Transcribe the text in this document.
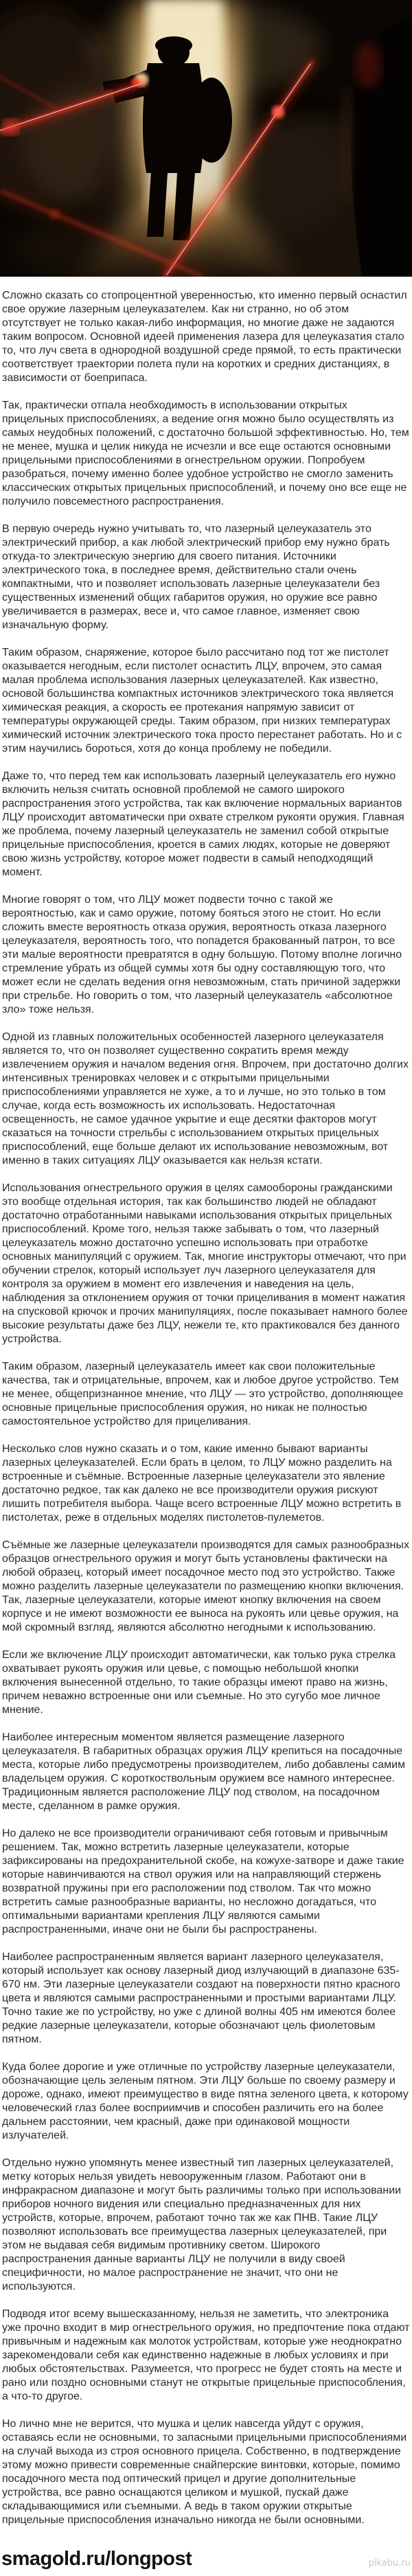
Сложно сказать со стопроцентной уверенностью, кто именно первый оснастил свое оружие лазерным целеуказателем. Как ни странно, но об этом отсутствует не только какая-либо информация, но многие даже не задаются таким вопросом. Основной идеей применения лазера для целеуказатия стало то, что луч света в однородной воздушной среде прямой, то есть практически соответствует траектории полета пули на коротких и средних дистанциях, в зависимости от боеприпаса.

Так, практически отпала необходимость в использовании открытых прицельных приспособлениях, а ведение огня можно было осуществлять из самых неудобных положений, с достаточно большой эффективностью. Но, тем не менее, мушка и целик никуда не исчезли и все еще остаются основными прицельными приспособлениями в огнестрельном оружии. Попробуем разобраться, почему именно более удобное устройство не смогло заменить классических открытых прицельных приспособлений, и почему оно все еще не получило повсеместного распространения.

В первую очередь нужно учитывать то, что лазерный целеуказатель это электрический прибор, а как любой электрический прибор ему нужно брать откуда-то электрическую энергию для своего питания. Источники электрического тока, в последнее время, действительно стали очень компактными, что и позволяет использовать лазерные целеуказатели без существенных изменений общих габаритов оружия, но оружие все равно увеличивается в размерах, весе и, что самое главное, изменяет свою изначальную форму.

Таким образом, снаряжение, которое было рассчитано под тот же пистолет оказывается негодным, если пистолет оснастить ЛЦУ, впрочем, это самая малая проблема использования лазерных целеуказателей. Как известно, основой большинства компактных источников электрического тока является химическая реакция, а скорость ее протекания напрямую зависит от температуры окружающей среды. Таким образом, при низких температурах химический источник электрического тока просто перестанет работать. Но и с этим научились бороться, хотя до конца проблему не победили.

Даже то, что перед тем как использовать лазерный целеуказатель его нужно включить нельзя считать основной проблемой не самого широкого распространения этого устройства, так как включение нормальных вариантов ЛЦУ происходит автоматически при охвате стрелком рукояти оружия. Главная же проблема, почему лазерный целеуказатель не заменил собой открытые прицельные приспособления, кроется в самих людях, которые не доверяют свою жизнь устройству, которое может подвести в самый неподходящий момент.

Многие говорят о том, что ЛЦУ может подвести точно с такой же вероятностью, как и само оружие, потому бояться этого не стоит. Но если сложить вместе вероятность отказа оружия, вероятность отказа лазерного целеуказателя, вероятность того, что попадется бракованный патрон, то все эти малые вероятности превратятся в одну большую. Потому вполне логично стремление убрать из общей суммы хотя бы одну составляющую того, что может если не сделать ведения огня невозможным, стать причиной задержки при стрельбе. Но говорить о том, что лазерный целеуказатель «абсолютное зло» тоже нельзя.

Одной из главных положительных особенностей лазерного целеуказателя является то, что он позволяет существенно сократить время между извлечением оружия и началом ведения огня. Впрочем, при достаточно долгих интенсивных тренировках человек и с открытыми прицельными приспособлениями управляется не хуже, а то и лучше, но это только в том случае, когда есть возможность их использовать. Недостаточная освещенность, не самое удачное укрытие и еще десятки факторов могут сказаться на точности стрельбы с использованием открытых прицельных приспособлений, еще больше делают их использование невозможным, вот именно в таких ситуациях ЛЦУ оказывается как нельзя кстати.

Использования огнестрельного оружия в целях самообороны гражданскими это вообще отдельная история, так как большинство людей не обладают достаточно отработанными навыками использования открытых прицельных приспособлений. Кроме того, нельзя также забывать о том, что лазерный целеуказатель можно достаточно успешно использовать при отработке основных манипуляций с оружием. Так, многие инструкторы отмечают, что при обучении стрелок, который использует луч лазерного целеуказателя для контроля за оружием в момент его извлечения и наведения на цель, наблюдения за отклонением оружия от точки прицеливания в момент нажатия на спусковой крючок и прочих манипуляциях, после показывает намного более высокие результаты даже без ЛЦУ, нежели те, кто практиковался без данного устройства.

Таким образом, лазерный целеуказатель имеет как свои положительные качества, так и отрицательные, впрочем, как и любое другое устройство. Тем не менее, общепризнанное мнение, что ЛЦУ — это устройство, дополняющее основные прицельные приспособления оружия, но никак не полностью самостоятельное устройство для прицеливания.

Несколько слов нужно сказать и о том, какие именно бывают варианты лазерных целеуказателей. Если брать в целом, то ЛЦУ можно разделить на встроенные и съёмные. Встроенные лазерные целеуказатели это явление достаточно редкое, так как далеко не все производители оружия рискуют лишить потребителя выбора. Чаще всего встроенные ЛЦУ можно встретить в пистолетах, реже в отдельных моделях пистолетов-пулеметов.

Съёмные же лазерные целеуказатели производятся для самых разнообразных образцов огнестрельного оружия и могут быть установлены фактически на любой образец, который имеет посадочное место под это устройство. Также можно разделить лазерные целеуказатели по размещению кнопки включения. Так, лазерные целеуказатели, которые имеют кнопку включения на своем корпусе и не имеют возможности ее выноса на рукоять или цевье оружия, на мой скромный взгляд, являются абсолютно негодными к использованию.

Если же включение ЛЦУ происходит автоматически, как только рука стрелка охватывает рукоять оружия или цевье, с помощью небольшой кнопки включения вынесенной отдельно, то такие образцы имеют право на жизнь, причем неважно встроенные они или съемные. Но это сугубо мое личное мнение.

Наиболее интересным моментом является размещение лазерного целеуказателя. В габаритных образцах оружия ЛЦУ крепиться на посадочные места, которые либо предусмотрены производителем, либо добавлены самим владельцем оружия. С короткоствольным оружием все намного интереснее. Традиционным является расположение ЛЦУ под стволом, на посадочном месте, сделанном в рамке оружия.

Но далеко не все производители ограничивают себя готовым и привычным решением. Так, можно встретить лазерные целеуказатели, которые зафиксированы на предохранительной скобе, на кожухе-затворе и даже такие которые навинчиваются на ствол оружия или на направляющий стержень возвратной пружины при его расположении под стволом. Так что можно встретить самые разнообразные варианты, но несложно догадаться, что оптимальными вариантами крепления ЛЦУ являются самыми распространенными, иначе они не были бы распространены.

Наиболее распространенным является вариант лазерного целеуказателя, который использует как основу лазерный диод излучающий в диапазоне 635-670 нм. Эти лазерные целеуказатели создают на поверхности пятно красного цвета и являются самыми распространенными и простыми вариантами ЛЦУ. Точно такие же по устройству, но уже с длиной волны 405 нм имеются более редкие лазерные целеуказатели, которые обозначают цель фиолетовым пятном.

Куда более дорогие и уже отличные по устройству лазерные целеуказатели, обозначающие цель зеленым пятном. Эти ЛЦУ больше по своему размеру и дороже, однако, имеют преимущество в виде пятна зеленого цвета, к которому человеческий глаз более восприимчив и способен различить его на более дальнем расстоянии, чем красный, даже при одинаковой мощности излучателей.

Отдельно нужно упомянуть менее известный тип лазерных целеуказателей, метку которых нельзя увидеть невооруженным глазом. Работают они в инфракрасном диапазоне и могут быть различимы только при использовании приборов ночного видения или специально предназначенных для них устройств, которые, впрочем, работают точно так же как ПНВ. Такие ЛЦУ позволяют использовать все преимущества лазерных целеуказателей, при этом не выдавая себя видимым противнику светом. Широкого распространения данные варианты ЛЦУ не получили в виду своей специфичности, но малое распространение не значит, что они не используются.

Подводя итог всему вышесказанному, нельзя не заметить, что электроника уже прочно входит в мир огнестрельного оружия, но предпочтение пока отдают привычным и надежным как молоток устройствам, которые уже неоднократно зарекомендовали себя как единственно надежные в любых условиях и при любых обстоятельствах. Разумеется, что прогресс не будет стоять на месте и рано или поздно основными станут не открытые прицельные приспособления, а что-то другое.

Но лично мне не верится, что мушка и целик навсегда уйдут с оружия, оставаясь если не основными, то запасными прицельными приспособлениями на случай выхода из строя основного прицела. Собственно, в подтверждение этому можно привести современные снайперские винтовки, которые, помимо посадочного места под оптический прицел и другие дополнительные устройства, все равно оснащаются целиком и мушкой, пускай даже складывающимися или съемными. А ведь в таком оружии открытые прицельные приспособления изначально никогда не были основными.

smagold.ru/longpost	pikabu.ru
